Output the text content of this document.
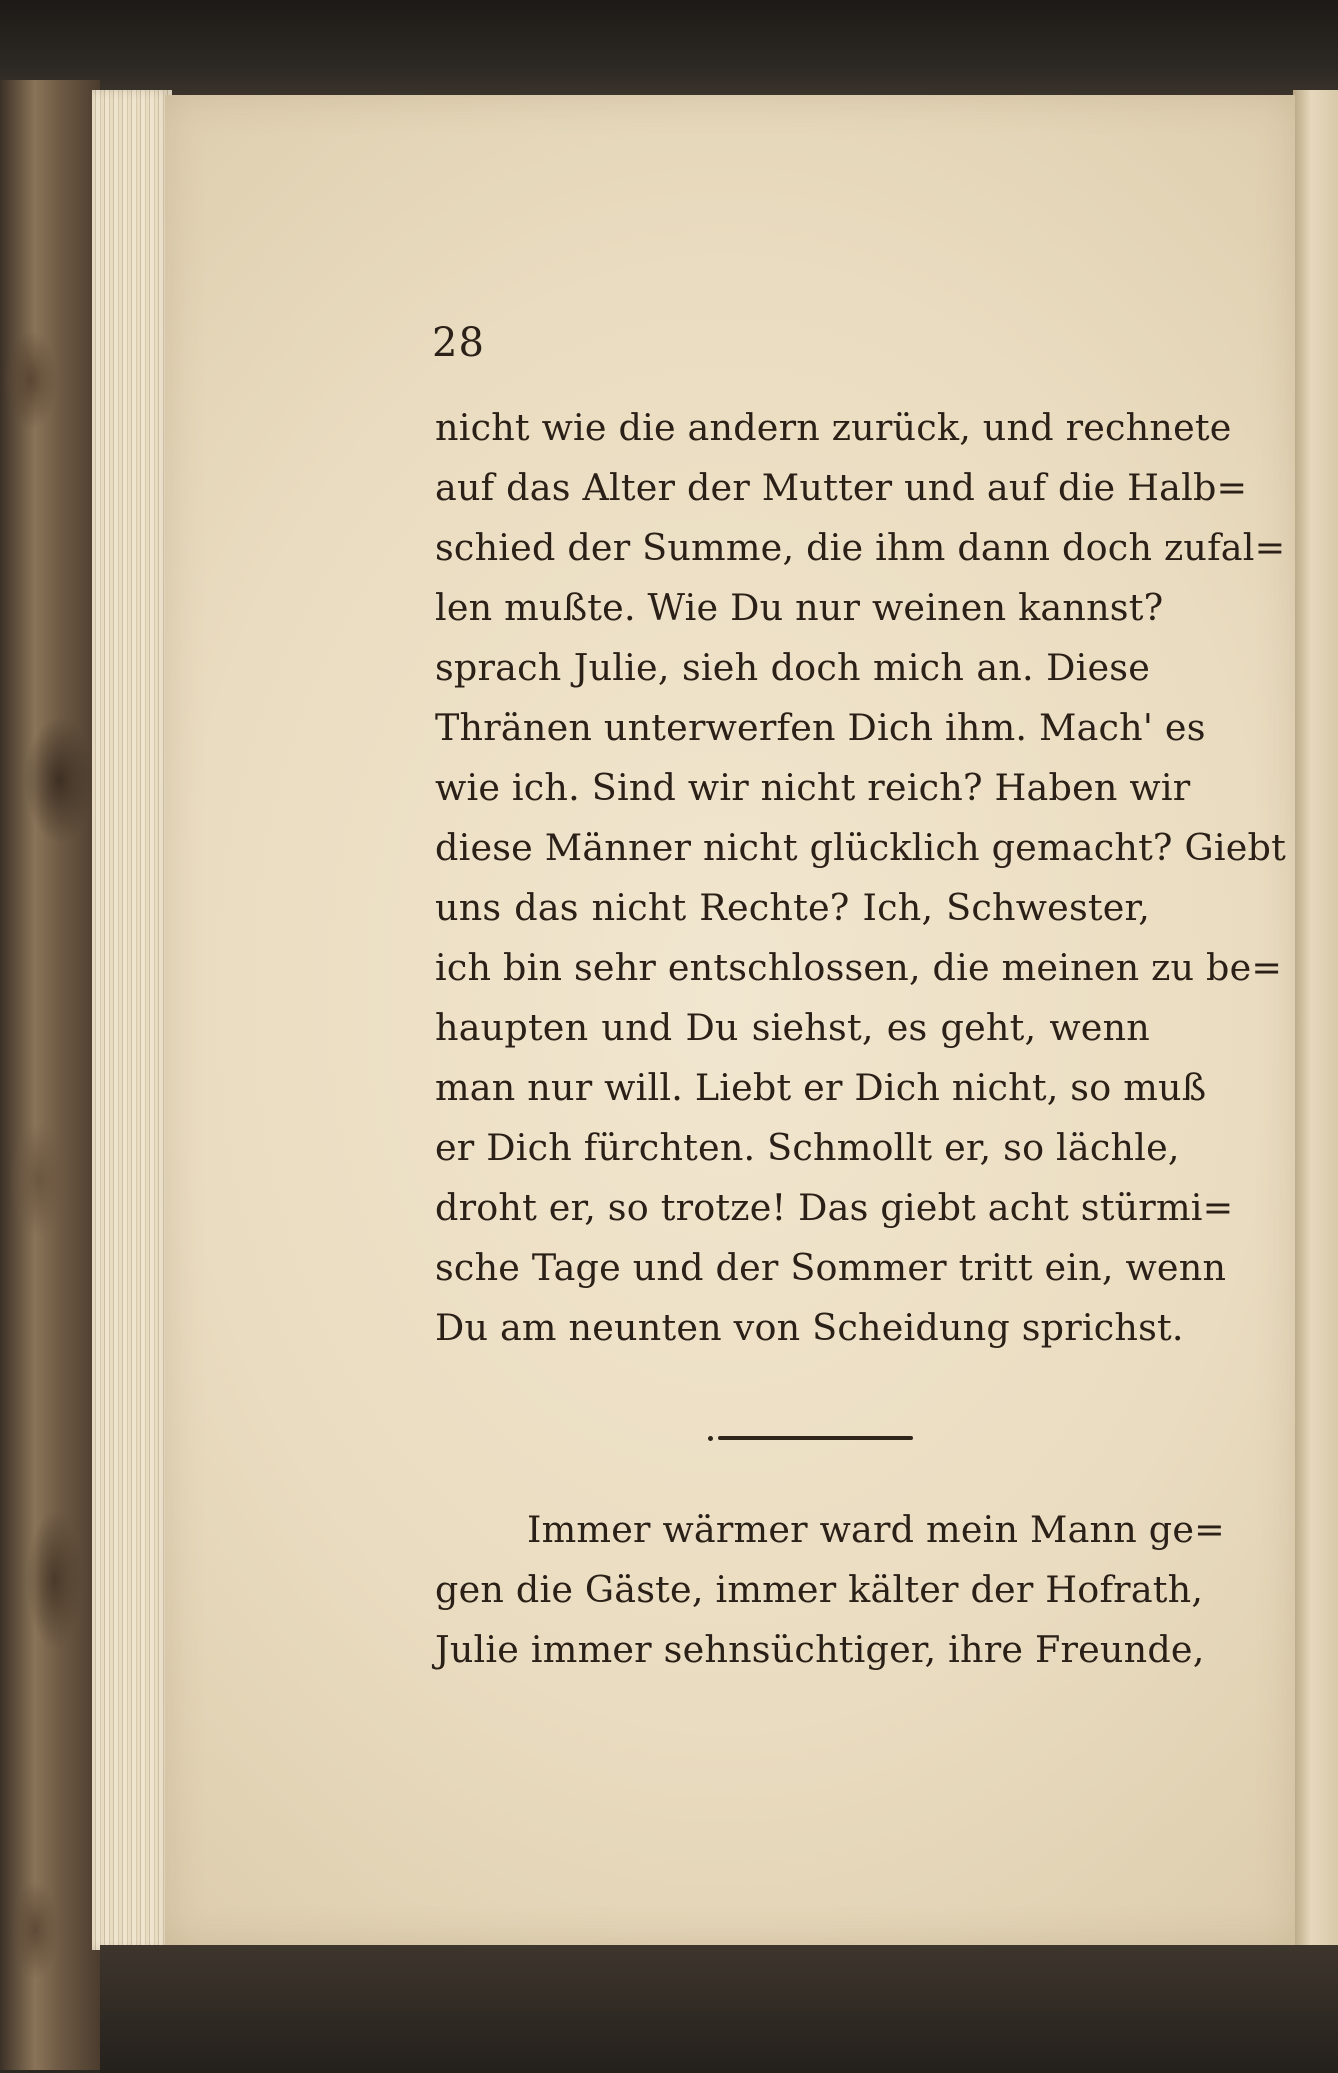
28
nicht wie die andern zurück, und rechnete
auf das Alter der Mutter und auf die Halb=
schied der Summe, die ihm dann doch zufal=
len mußte. Wie Du nur weinen kannst?
sprach Julie, sieh doch mich an. Diese
Thränen unterwerfen Dich ihm. Mach' es
wie ich. Sind wir nicht reich? Haben wir
diese Männer nicht glücklich gemacht? Giebt
uns das nicht Rechte? Ich, Schwester,
ich bin sehr entschlossen, die meinen zu be=
haupten und Du siehst, es geht, wenn
man nur will. Liebt er Dich nicht, so muß
er Dich fürchten. Schmollt er, so lächle,
droht er, so trotze! Das giebt acht stürmi=
sche Tage und der Sommer tritt ein, wenn
Du am neunten von Scheidung sprichst.
Immer wärmer ward mein Mann ge=
gen die Gäste, immer kälter der Hofrath,
Julie immer sehnsüchtiger, ihre Freunde,
